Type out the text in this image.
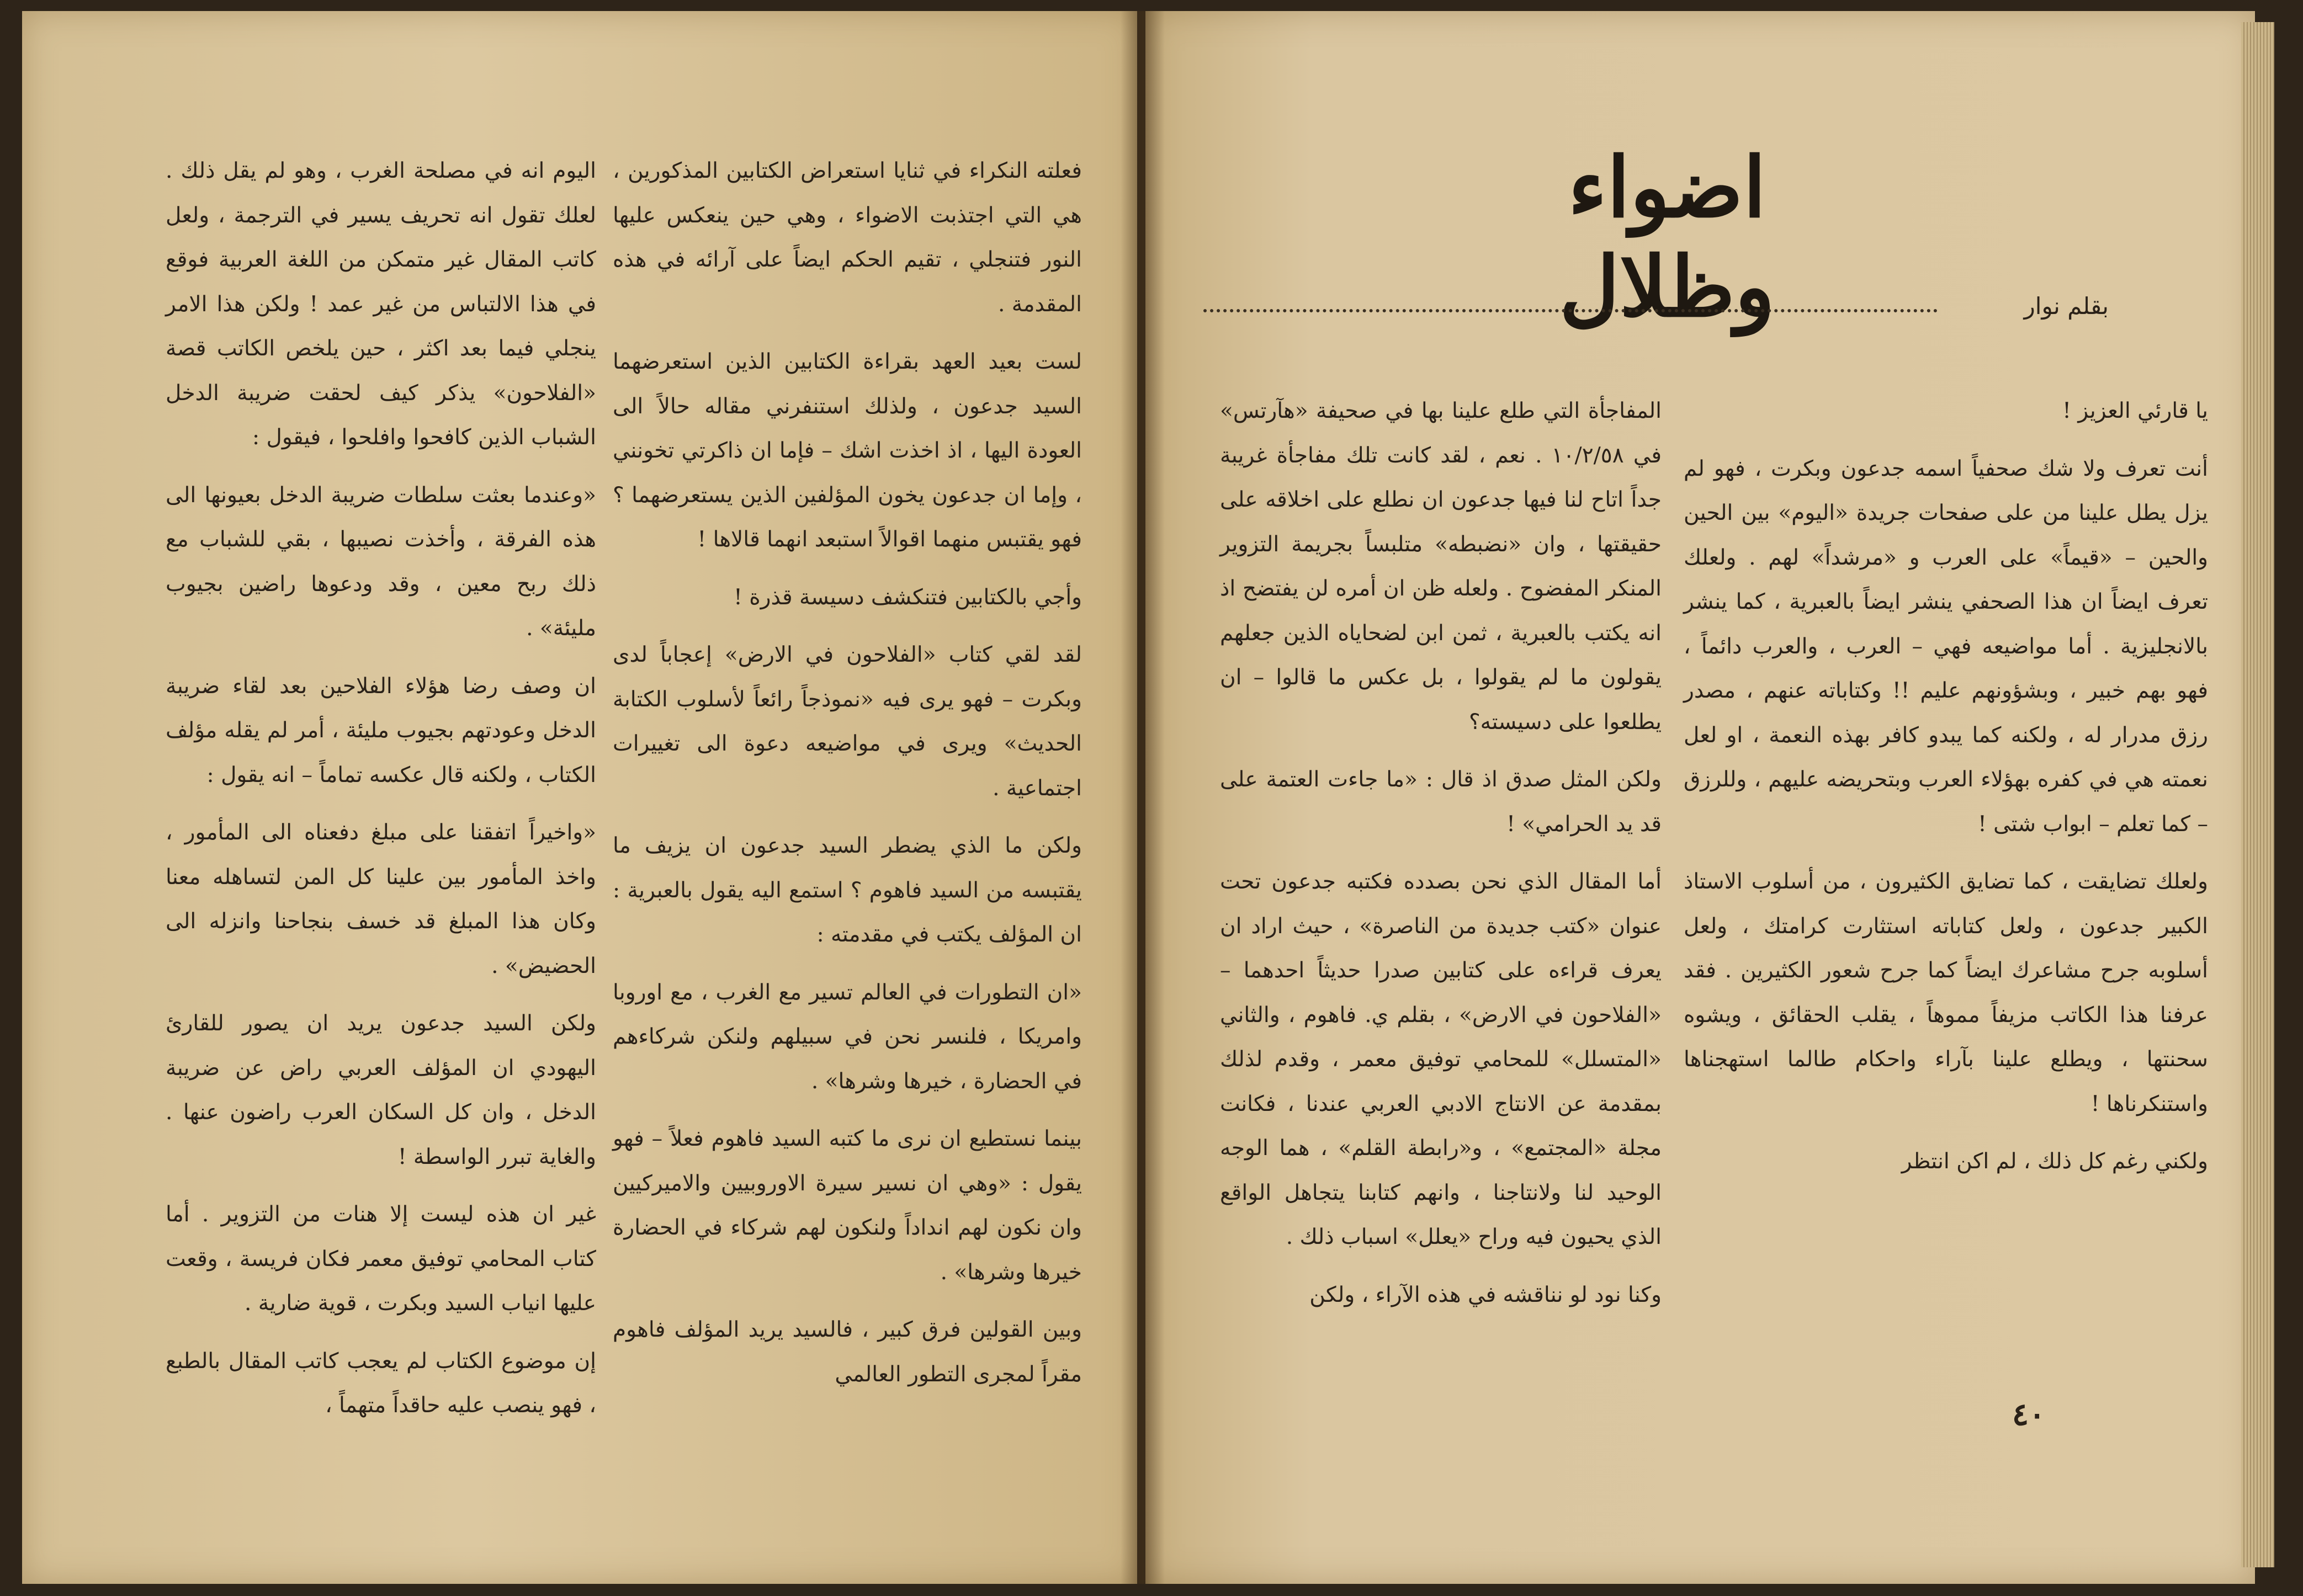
اضواء وظلال	بقلم نوار

يا قارئي العزيز !

أنت تعرف ولا شك صحفياً اسمه جدعون وبكرت ، فهو لم يزل يطل علينا من على صفحات جريدة «اليوم» بين الحين والحين – «قيماً» على العرب و «مرشداً» لهم . ولعلك تعرف ايضاً ان هذا الصحفي ينشر ايضاً بالعبرية ، كما ينشر بالانجليزية . أما مواضيعه فهي – العرب ، والعرب دائماً ، فهو بهم خبير ، وبشؤونهم عليم !! وكتاباته عنهم ، مصدر رزق مدرار له ، ولكنه كما يبدو كافر بهذه النعمة ، او لعل نعمته هي في كفره بهؤلاء العرب وبتحريضه عليهم ، وللرزق – كما تعلم – ابواب شتى !

ولعلك تضايقت ، كما تضايق الكثيرون ، من أسلوب الاستاذ الكبير جدعون ، ولعل كتاباته استثارت كرامتك ، ولعل أسلوبه جرح مشاعرك ايضاً كما جرح شعور الكثيرين . فقد عرفنا هذا الكاتب مزيفاً مموهاً ، يقلب الحقائق ، ويشوه سحنتها ، ويطلع علينا بآراء واحكام طالما استهجناها واستنكرناها !

ولكني رغم كل ذلك ، لم اكن انتظر

المفاجأة التي طلع علينا بها في صحيفة «هآرتس» في ١٠/٢/٥٨ . نعم ، لقد كانت تلك مفاجأة غريبة جداً اتاح لنا فيها جدعون ان نطلع على اخلاقه على حقيقتها ، وان «نضبطه» متلبساً بجريمة التزوير المنكر المفضوح . ولعله ظن ان أمره لن يفتضح اذ انه يكتب بالعبرية ، ثمن ابن لضحاياه الذين جعلهم يقولون ما لم يقولوا ، بل عكس ما قالوا – ان يطلعوا على دسيسته؟

ولكن المثل صدق اذ قال : «ما جاءت العتمة على قد يد الحرامي» !

أما المقال الذي نحن بصدده فكتبه جدعون تحت عنوان «كتب جديدة من الناصرة» ، حيث اراد ان يعرف قراءه على كتابين صدرا حديثاً احدهما – «الفلاحون في الارض» ، بقلم ي. فاهوم ، والثاني «المتسلل» للمحامي توفيق معمر ، وقدم لذلك بمقدمة عن الانتاج الادبي العربي عندنا ، فكانت مجلة «المجتمع» ، و«رابطة القلم» ، هما الوجه الوحيد لنا ولانتاجنا ، وانهم كتابنا يتجاهل الواقع الذي يحيون فيه وراح «يعلل» اسباب ذلك .

وكنا نود لو نناقشه في هذه الآراء ، ولكن

٤٠

فعلته النكراء في ثنايا استعراض الكتابين المذكورين ، هي التي اجتذبت الاضواء ، وهي حين ينعكس عليها النور فتنجلي ، تقيم الحكم ايضاً على آرائه في هذه المقدمة .

لست بعيد العهد بقراءة الكتابين الذين استعرضهما السيد جدعون ، ولذلك استنفرني مقاله حالاً الى العودة اليها ، اذ اخذت اشك – فإما ان ذاكرتي تخونني ، وإما ان جدعون يخون المؤلفين الذين يستعرضهما ؟ فهو يقتبس منهما اقوالاً استبعد انهما قالاها !

وأجي بالكتابين فتنكشف دسيسة قذرة !

لقد لقي كتاب «الفلاحون في الارض» إعجاباً لدى وبكرت – فهو يرى فيه «نموذجاً رائعاً لأسلوب الكتابة الحديث» ويرى في مواضيعه دعوة الى تغييرات اجتماعية .

ولكن ما الذي يضطر السيد جدعون ان يزيف ما يقتبسه من السيد فاهوم ؟ استمع اليه يقول بالعبرية : ان المؤلف يكتب في مقدمته :

«ان التطورات في العالم تسير مع الغرب ، مع اوروبا وامريكا ، فلنسر نحن في سبيلهم ولنكن شركاءهم في الحضارة ، خيرها وشرها» .

بينما نستطيع ان نرى ما كتبه السيد فاهوم فعلاً – فهو يقول : «وهي ان نسير سيرة الاوروبيين والاميركيين وان نكون لهم انداداً ولنكون لهم شركاء في الحضارة خيرها وشرها» .

وبين القولين فرق كبير ، فالسيد يريد المؤلف فاهوم مقراً لمجرى التطور العالمي

اليوم انه في مصلحة الغرب ، وهو لم يقل ذلك . لعلك تقول انه تحريف يسير في الترجمة ، ولعل كاتب المقال غير متمكن من اللغة العربية فوقع في هذا الالتباس من غير عمد ! ولكن هذا الامر ينجلي فيما بعد اكثر ، حين يلخص الكاتب قصة «الفلاحون» يذكر كيف لحقت ضريبة الدخل الشباب الذين كافحوا وافلحوا ، فيقول :

«وعندما بعثت سلطات ضريبة الدخل بعيونها الى هذه الفرقة ، وأخذت نصيبها ، بقي للشباب مع ذلك ربح معين ، وقد ودعوها راضين بجيوب مليئة» .

ان وصف رضا هؤلاء الفلاحين بعد لقاء ضريبة الدخل وعودتهم بجيوب مليئة ، أمر لم يقله مؤلف الكتاب ، ولكنه قال عكسه تماماً – انه يقول :

«واخيراً اتفقنا على مبلغ دفعناه الى المأمور ، واخذ المأمور بين علينا كل المن لتساهله معنا وكان هذا المبلغ قد خسف بنجاحنا وانزله الى الحضيض» .

ولكن السيد جدعون يريد ان يصور للقارئ اليهودي ان المؤلف العربي راض عن ضريبة الدخل ، وان كل السكان العرب راضون عنها . والغاية تبرر الواسطة !

غير ان هذه ليست إلا هنات من التزوير . أما كتاب المحامي توفيق معمر فكان فريسة ، وقعت عليها انياب السيد وبكرت ، قوية ضارية .

إن موضوع الكتاب لم يعجب كاتب المقال بالطبع ، فهو ينصب عليه حاقداً متهماً ،
